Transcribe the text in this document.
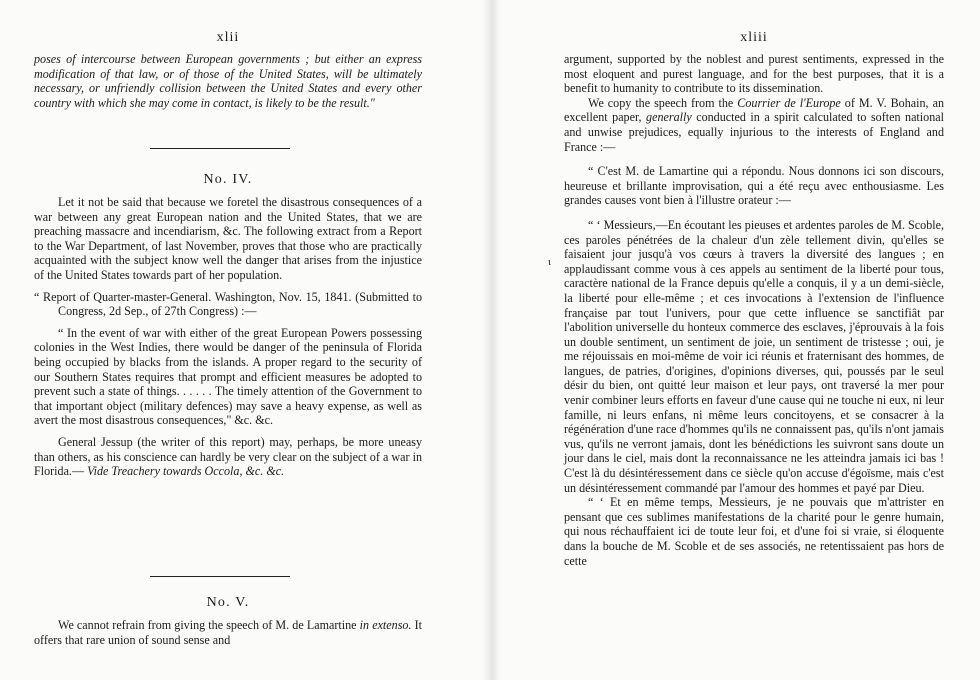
xlii

poses of intercourse between European governments ; but either an express modification of that law, or of those of the United States, will be ultimately necessary, or unfriendly collision between the United States and every other country with which she may come in contact, is likely to be the result."

No. IV.

Let it not be said that because we foretel the disastrous consequences of a war between any great European nation and the United States, that we are preaching massacre and incendiarism, &c. The following extract from a Report to the War Department, of last November, proves that those who are practically acquainted with the subject know well the danger that arises from the injustice of the United States towards part of her population.

“ Report of Quarter-master-General. Washington, Nov. 15, 1841. (Submitted to Congress, 2d Sep., of 27th Congress) :—

“ In the event of war with either of the great European Powers possessing colonies in the West Indies, there would be danger of the peninsula of Florida being occupied by blacks from the islands. A proper regard to the security of our Southern States requires that prompt and efficient measures be adopted to prevent such a state of things. . . . . . The timely attention of the Government to that important object (military defences) may save a heavy expense, as well as avert the most disastrous consequences," &c. &c.

General Jessup (the writer of this report) may, perhaps, be more uneasy than others, as his conscience can hardly be very clear on the subject of a war in Florida.— Vide Treachery towards Occola, &c. &c.

No. V.

We cannot refrain from giving the speech of M. de Lamartine in extenso. It offers that rare union of sound sense and

ι
xliii

argument, supported by the noblest and purest sentiments, expressed in the most eloquent and purest language, and for the best purposes, that it is a benefit to humanity to contribute to its dissemination.

We copy the speech from the Courrier de l'Europe of M. V. Bohain, an excellent paper, generally conducted in a spirit calculated to soften national and unwise prejudices, equally injurious to the interests of England and France :—

“ C'est M. de Lamartine qui a répondu. Nous donnons ici son discours, heureuse et brillante improvisation, qui a été reçu avec enthousiasme. Les grandes causes vont bien à l'illustre orateur :—

“ ‘ Messieurs,—En écoutant les pieuses et ardentes paroles de M. Scoble, ces paroles pénétrées de la chaleur d'un zèle tellement divin, qu'elles se faisaient jour jusqu'à vos cœurs à travers la diversité des langues ; en applaudissant comme vous à ces appels au sentiment de la liberté pour tous, caractère national de la France depuis qu'elle a conquis, il y a un demi-siècle, la liberté pour elle-même ; et ces invocations à l'extension de l'influence française par tout l'univers, pour que cette influence se sanctifiât par l'abolition universelle du honteux commerce des esclaves, j'éprouvais à la fois un double sentiment, un sentiment de joie, un sentiment de tristesse ; oui, je me réjouissais en moi-même de voir ici réunis et fraternisant des hommes, de langues, de patries, d'origines, d'opinions diverses, qui, poussés par le seul désir du bien, ont quitté leur maison et leur pays, ont traversé la mer pour venir combiner leurs efforts en faveur d'une cause qui ne touche ni eux, ni leur famille, ni leurs enfans, ni même leurs concitoyens, et se consacrer à la régénération d'une race d'hommes qu'ils ne connaissent pas, qu'ils n'ont jamais vus, qu'ils ne verront jamais, dont les bénédictions les suivront sans doute un jour dans le ciel, mais dont la reconnaissance ne les atteindra jamais ici bas ! C'est là du désintéressement dans ce siècle qu'on accuse d'égoïsme, mais c'est un désintéressement commandé par l'amour des hommes et payé par Dieu.

“ ‘ Et en même temps, Messieurs, je ne pouvais que m'attrister en pensant que ces sublimes manifestations de la charité pour le genre humain, qui nous réchauffaient ici de toute leur foi, et d'une foi si vraie, si éloquente dans la bouche de M. Scoble et de ses associés, ne retentissaient pas hors de cette
